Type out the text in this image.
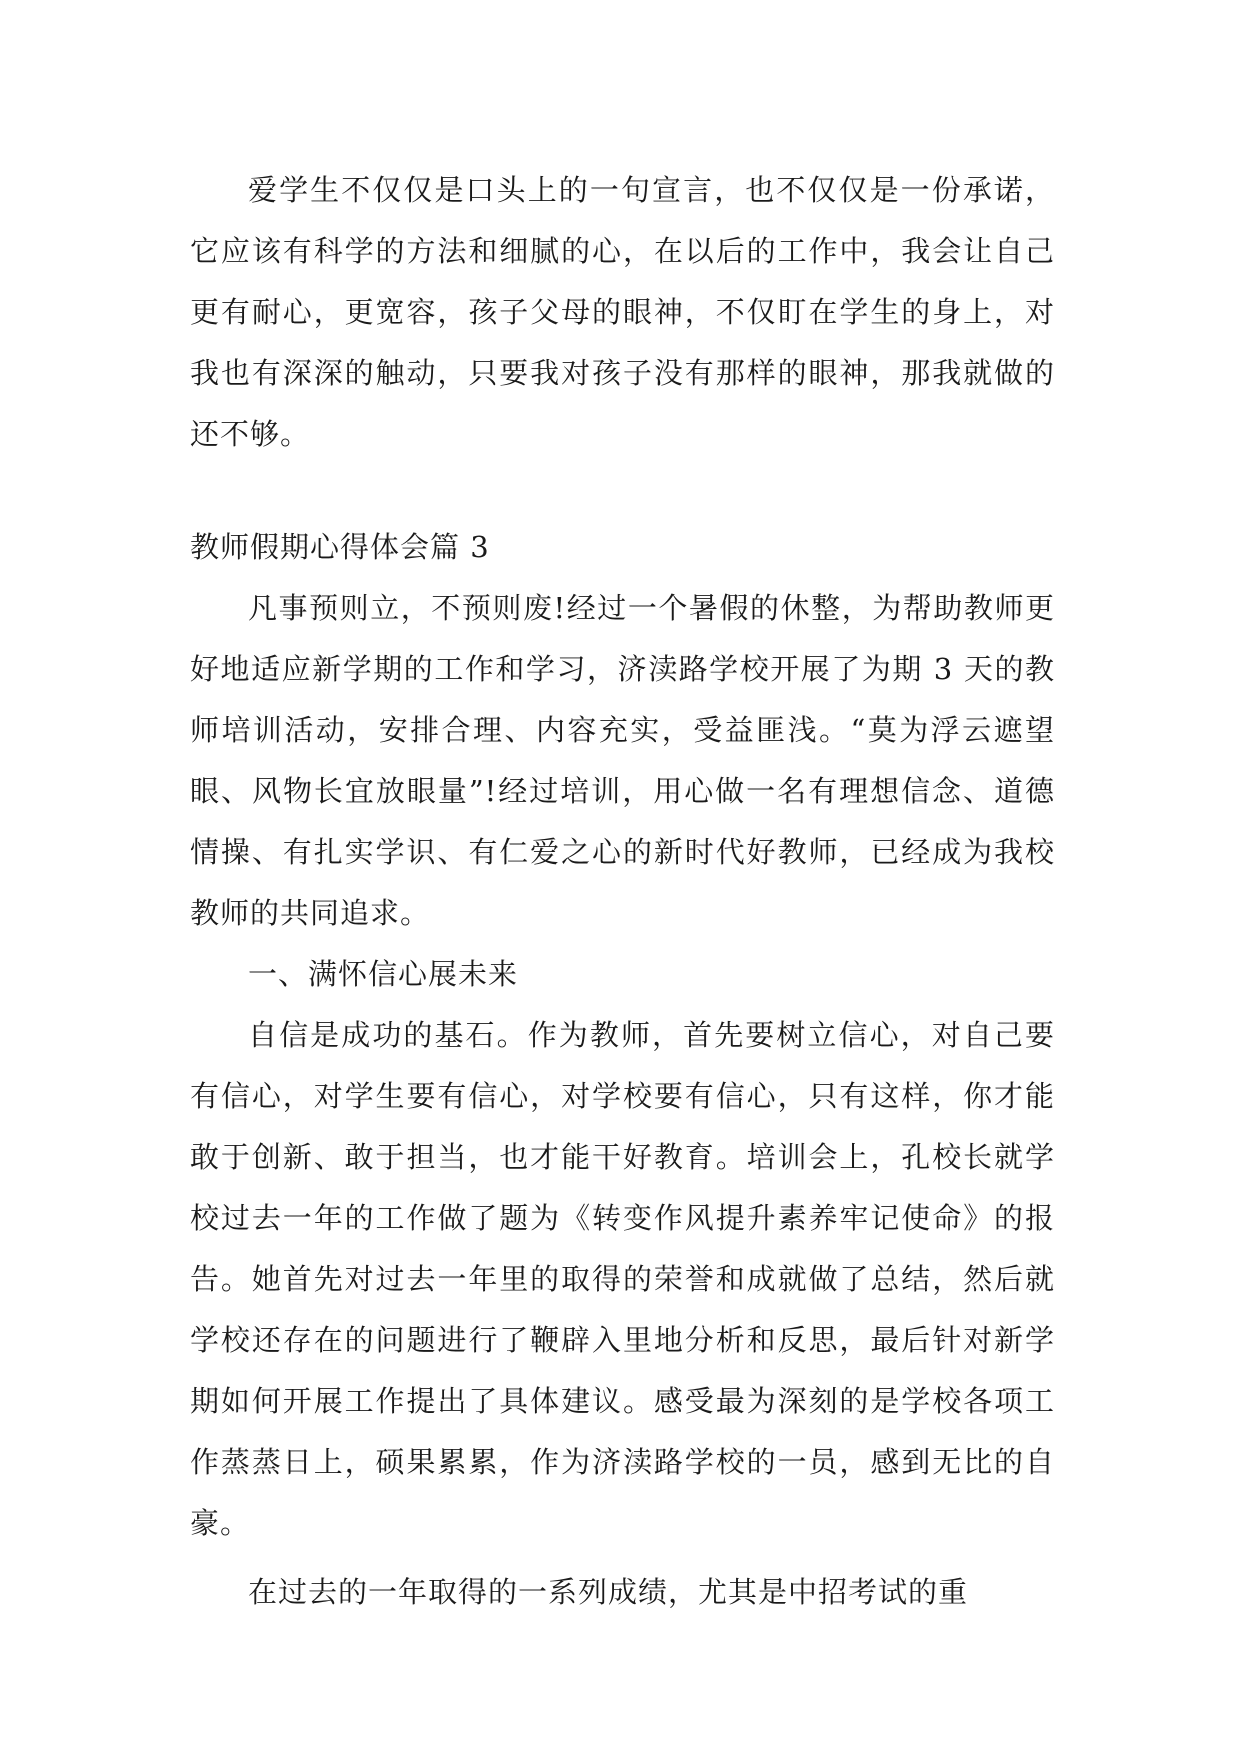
爱学生不仅仅是口头上的一句宣言，也不仅仅是一份承诺，它应该有科学的方法和细腻的心，在以后的工作中，我会让自己更有耐心，更宽容，孩子父母的眼神，不仅盯在学生的身上，对我也有深深的触动，只要我对孩子没有那样的眼神，那我就做的还不够。

教师假期心得体会篇 3

凡事预则立，不预则废!经过一个暑假的休整，为帮助教师更好地适应新学期的工作和学习，济渎路学校开展了为期 3 天的教师培训活动，安排合理、内容充实，受益匪浅。“莫为浮云遮望眼、风物长宜放眼量”!经过培训，用心做一名有理想信念、道德情操、有扎实学识、有仁爱之心的新时代好教师，已经成为我校教师的共同追求。

一、满怀信心展未来

自信是成功的基石。作为教师，首先要树立信心，对自己要有信心，对学生要有信心，对学校要有信心，只有这样，你才能敢于创新、敢于担当，也才能干好教育。培训会上，孔校长就学校过去一年的工作做了题为《转变作风提升素养牢记使命》的报告。她首先对过去一年里的取得的荣誉和成就做了总结，然后就学校还存在的问题进行了鞭辟入里地分析和反思，最后针对新学期如何开展工作提出了具体建议。感受最为深刻的是学校各项工作蒸蒸日上，硕果累累，作为济渎路学校的一员，感到无比的自豪。

在过去的一年取得的一系列成绩，尤其是中招考试的重
